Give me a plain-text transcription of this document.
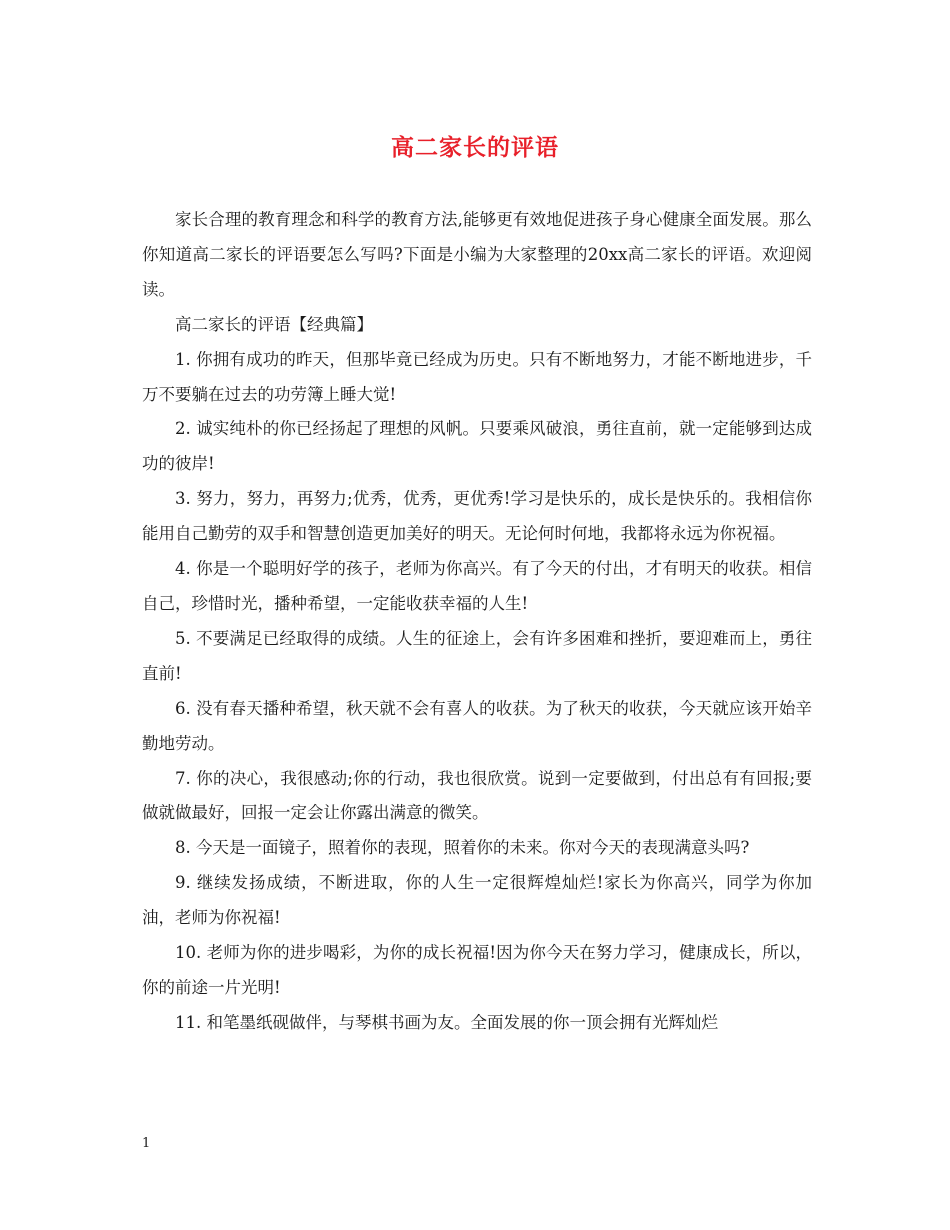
高二家长的评语

家长合理的教育理念和科学的教育方法,能够更有效地促进孩子身心健康全面发展。那么你知道高二家长的评语要怎么写吗?下面是小编为大家整理的20xx高二家长的评语。欢迎阅读。

高二家长的评语【经典篇】

1. 你拥有成功的昨天，但那毕竟已经成为历史。只有不断地努力，才能不断地进步，千万不要躺在过去的功劳簿上睡大觉!

2. 诚实纯朴的你已经扬起了理想的风帆。只要乘风破浪，勇往直前，就一定能够到达成功的彼岸!

3. 努力，努力，再努力;优秀，优秀，更优秀!学习是快乐的，成长是快乐的。我相信你能用自己勤劳的双手和智慧创造更加美好的明天。无论何时何地，我都将永远为你祝福。

4. 你是一个聪明好学的孩子，老师为你高兴。有了今天的付出，才有明天的收获。相信自己，珍惜时光，播种希望，一定能收获幸福的人生!

5. 不要满足已经取得的成绩。人生的征途上，会有许多困难和挫折，要迎难而上，勇往直前!

6. 没有春天播种希望，秋天就不会有喜人的收获。为了秋天的收获，今天就应该开始辛勤地劳动。

7. 你的决心，我很感动;你的行动，我也很欣赏。说到一定要做到，付出总有有回报;要做就做最好，回报一定会让你露出满意的微笑。

8. 今天是一面镜子，照着你的表现，照着你的未来。你对今天的表现满意头吗?

9. 继续发扬成绩，不断进取，你的人生一定很辉煌灿烂!家长为你高兴，同学为你加油，老师为你祝福!

10. 老师为你的进步喝彩，为你的成长祝福!因为你今天在努力学习，健康成长，所以，你的前途一片光明!

11. 和笔墨纸砚做伴，与琴棋书画为友。全面发展的你一顶会拥有光辉灿烂

1
